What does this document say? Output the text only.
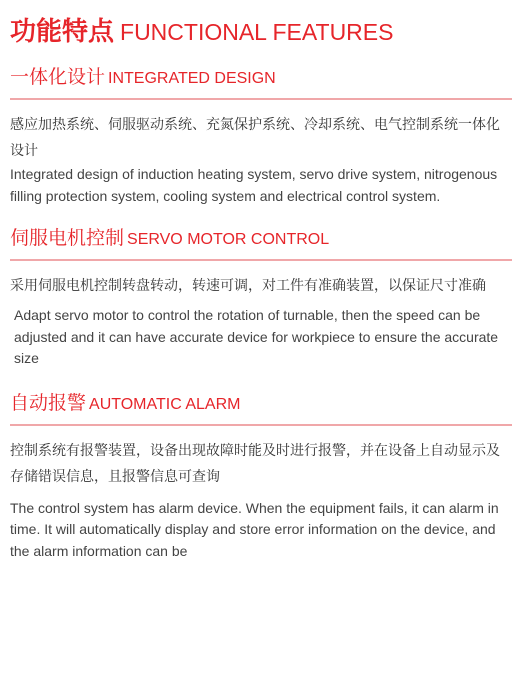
功能特点 FUNCTIONAL FEATURES
一体化设计 INTEGRATED DESIGN
感应加热系统、伺服驱动系统、充氮保护系统、冷却系统、电气控制系统一体化设计
Integrated design of induction heating system, servo drive system, nitrogenous filling protection system, cooling system and electrical control system.
伺服电机控制 SERVO MOTOR CONTROL
采用伺服电机控制转盘转动，转速可调，对工件有准确装置，以保证尺寸准确
Adapt servo motor to control the rotation of turnable, then the speed can be adjusted and it can have accurate device for workpiece to ensure the accurate size
自动报警 AUTOMATIC ALARM
控制系统有报警装置，设备出现故障时能及时进行报警，并在设备上自动显示及存储错误信息，且报警信息可查询
The control system has alarm device. When the equipment fails, it can alarm in time. It will automatically display and store error information on the device, and the alarm information can be
